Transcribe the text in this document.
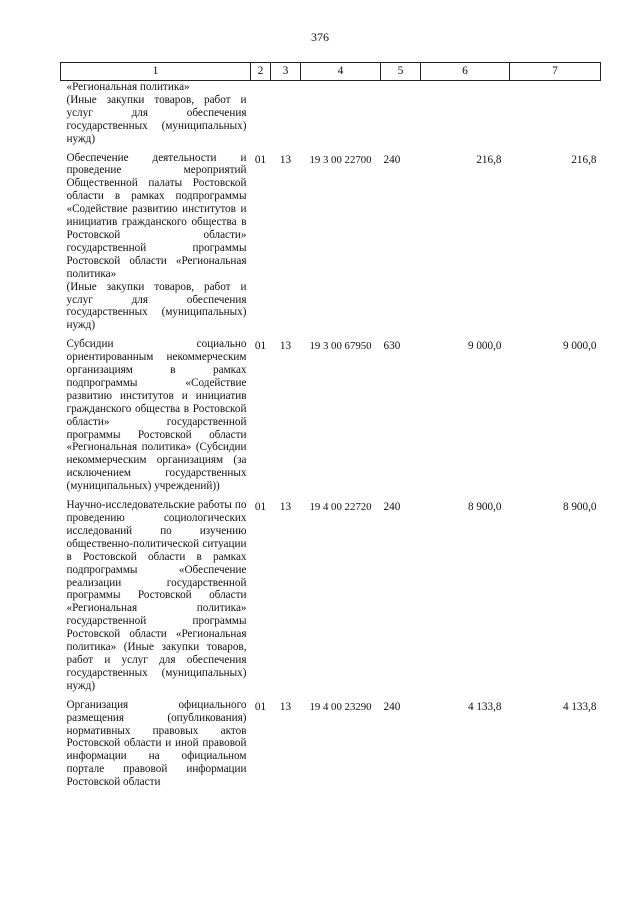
376
1	2	3	4	5	6	7

«Региональная политика»
(Иные закупки товаров, работ и услуг для обеспечения государственных (муниципальных) нужд)						

Обеспечение деятельности и проведение мероприятий Общественной палаты Ростовской области в рамках подпрограммы «Содействие развитию институтов и инициатив гражданского общества в Ростовской области» государственной программы Ростовской области «Региональная политика»
(Иные закупки товаров, работ и услуг для обеспечения государственных (муниципальных) нужд)	01	13	19 3 00 22700	240	216,8	216,8

Субсидии социально ориентированным некоммерческим организациям в рамках подпрограммы «Содействие развитию институтов и инициатив гражданского общества в Ростовской области» государственной программы Ростовской области «Региональная политика» (Субсидии некоммерческим организациям (за исключением государственных (муниципальных) учреждений))	01	13	19 3 00 67950	630	9 000,0	9 000,0

Научно-исследовательские работы по проведению социологических исследований по изучению общественно-политической ситуации в Ростовской области в рамках подпрограммы «Обеспечение реализации государственной программы Ростовской области «Региональная политика» государственной программы Ростовской области «Региональная политика» (Иные закупки товаров, работ и услуг для обеспечения государственных (муниципальных) нужд)	01	13	19 4 00 22720	240	8 900,0	8 900,0

Организация официального размещения (опубликования) нормативных правовых актов Ростовской области и иной правовой информации на официальном портале правовой информации Ростовской области	01	13	19 4 00 23290	240	4 133,8	4 133,8
